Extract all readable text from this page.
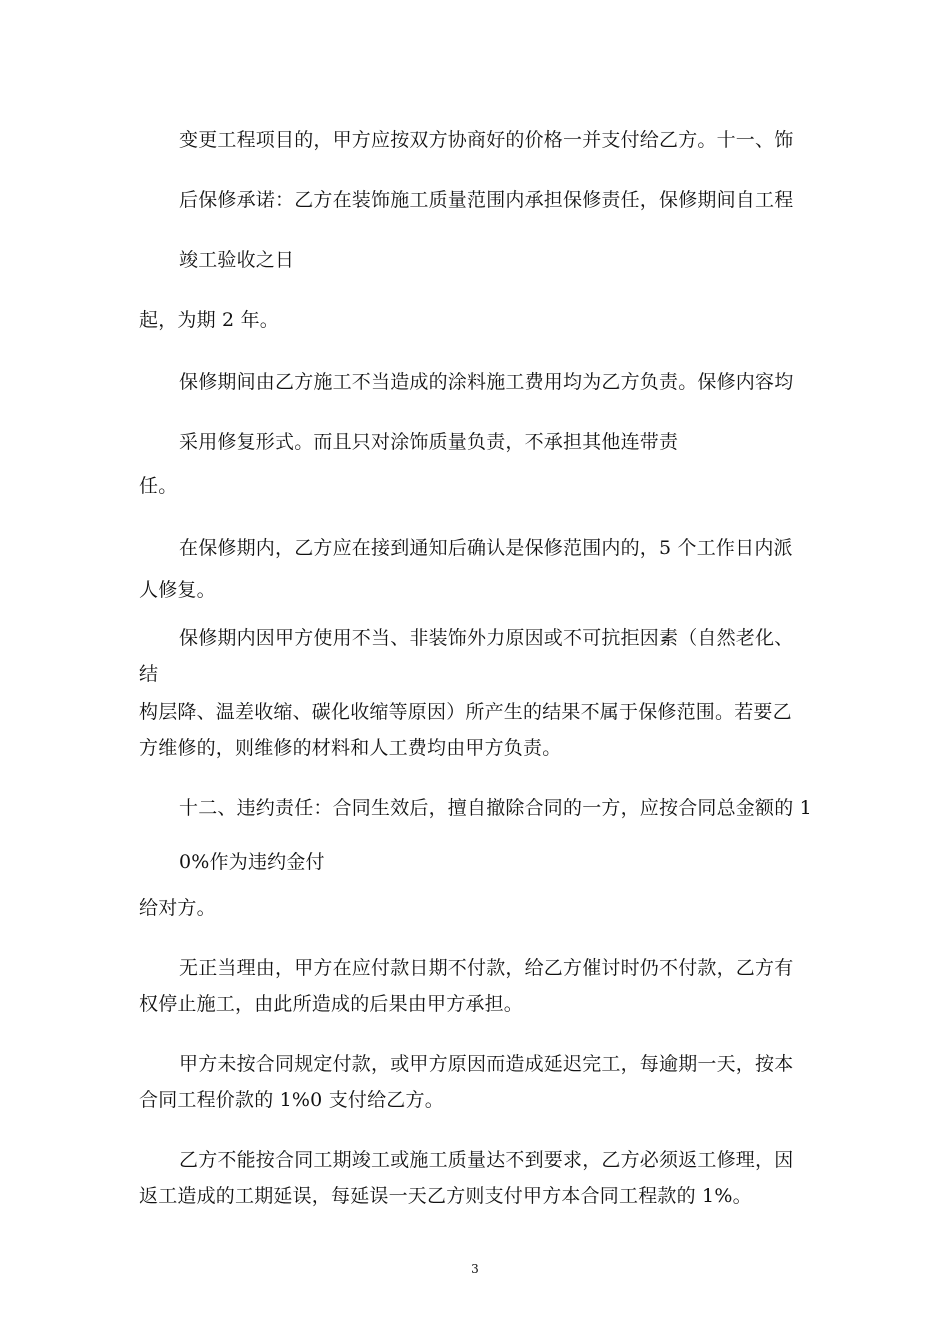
变更工程项目的，甲方应按双方协商好的价格一并支付给乙方。十一、饰
后保修承诺：乙方在装饰施工质量范围内承担保修责任，保修期间自工程
竣工验收之日
起，为期 2 年。
保修期间由乙方施工不当造成的涂料施工费用均为乙方负责。保修内容均
采用修复形式。而且只对涂饰质量负责，不承担其他连带责
任。
在保修期内，乙方应在接到通知后确认是保修范围内的，5 个工作日内派
人修复。
保修期内因甲方使用不当、非装饰外力原因或不可抗拒因素（自然老化、
结
构层降、温差收缩、碳化收缩等原因）所产生的结果不属于保修范围。若要乙
方维修的，则维修的材料和人工费均由甲方负责。
十二、违约责任：合同生效后，擅自撤除合同的一方，应按合同总金额的 1
0%作为违约金付
给对方。
无正当理由，甲方在应付款日期不付款，给乙方催讨时仍不付款，乙方有
权停止施工，由此所造成的后果由甲方承担。
甲方未按合同规定付款，或甲方原因而造成延迟完工，每逾期一天，按本
合同工程价款的 1%0 支付给乙方。
乙方不能按合同工期竣工或施工质量达不到要求，乙方必须返工修理，因
返工造成的工期延误，每延误一天乙方则支付甲方本合同工程款的 1%。
3
